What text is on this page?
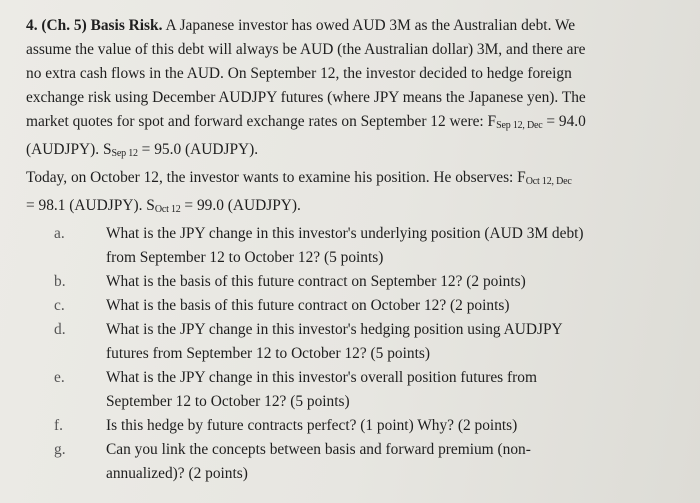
4. (Ch. 5) Basis Risk. A Japanese investor has owed AUD 3M as the Australian debt. We
assume the value of this debt will always be AUD (the Australian dollar) 3M, and there are
no extra cash flows in the AUD. On September 12, the investor decided to hedge foreign
exchange risk using December AUDJPY futures (where JPY means the Japanese yen). The
market quotes for spot and forward exchange rates on September 12 were: $F_{Sep 12, Dec} = 94.0$
(AUDJPY). $S_{Sep 12} = 95.0$ (AUDJPY).
Today, on October 12, the investor wants to examine his position. He observes: $F_{Oct 12, Dec}$
= 98.1 (AUDJPY). $S_{Oct 12} = 99.0$ (AUDJPY).
a.	What is the JPY change in this investor's underlying position (AUD 3M debt)
from September 12 to October 12? (5 points)
b.	What is the basis of this future contract on September 12? (2 points)
c.	What is the basis of this future contract on October 12? (2 points)
d.	What is the JPY change in this investor's hedging position using AUDJPY
futures from September 12 to October 12? (5 points)
e.	What is the JPY change in this investor's overall position futures from
September 12 to October 12? (5 points)
f.	Is this hedge by future contracts perfect? (1 point) Why? (2 points)
g.	Can you link the concepts between basis and forward premium (non-
annualized)? (2 points)
